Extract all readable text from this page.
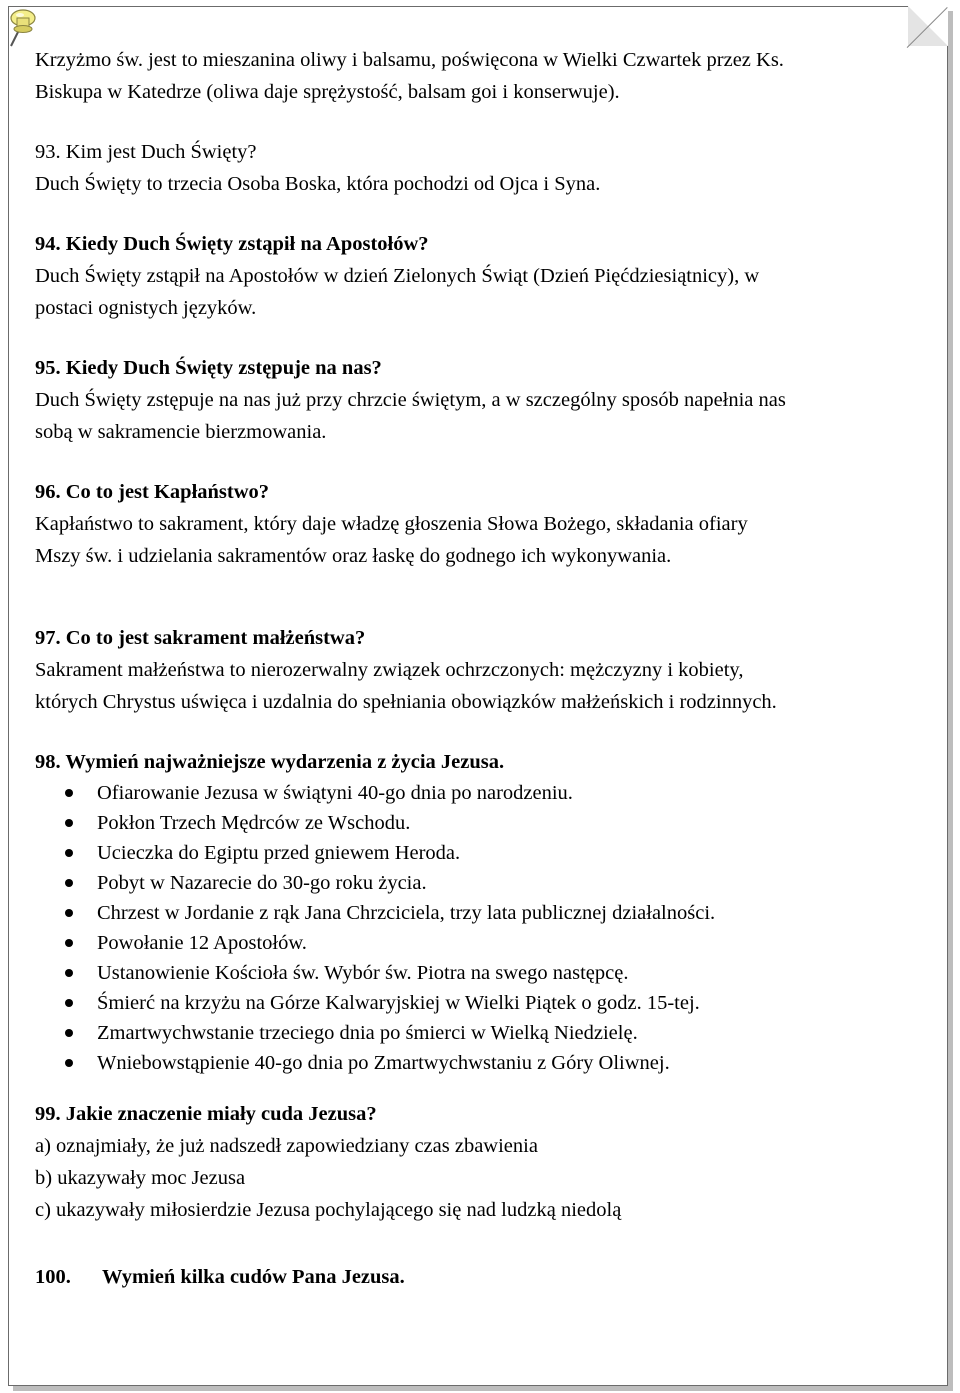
Krzyżmo św. jest to mieszanina oliwy i balsamu, poświęcona w Wielki Czwartek przez Ks.
Biskupa w Katedrze (oliwa daje sprężystość, balsam goi i konserwuje).
93. Kim jest Duch Święty?
Duch Święty to trzecia Osoba Boska, która pochodzi od Ojca i Syna.
94. Kiedy Duch Święty zstąpił na Apostołów?
Duch Święty zstąpił na Apostołów w dzień Zielonych Świąt (Dzień Pięćdziesiątnicy), w
postaci ognistych języków.
95. Kiedy Duch Święty zstępuje na nas?
Duch Święty zstępuje na nas już przy chrzcie świętym, a w szczególny sposób napełnia nas
sobą w sakramencie bierzmowania.
96. Co to jest Kapłaństwo?
Kapłaństwo to sakrament, który daje władzę głoszenia Słowa Bożego, składania ofiary
Mszy św. i udzielania sakramentów oraz łaskę do godnego ich wykonywania.
97. Co to jest sakrament małżeństwa?
Sakrament małżeństwa to nierozerwalny związek ochrzczonych: mężczyzny i kobiety,
których Chrystus uświęca i uzdalnia do spełniania obowiązków małżeńskich i rodzinnych.
98. Wymień najważniejsze wydarzenia z życia Jezusa.
Ofiarowanie Jezusa w świątyni 40-go dnia po narodzeniu.
Pokłon Trzech Mędrców ze Wschodu.
Ucieczka do Egiptu przed gniewem Heroda.
Pobyt w Nazarecie do 30-go roku życia.
Chrzest w Jordanie z rąk Jana Chrzciciela, trzy lata publicznej działalności.
Powołanie 12 Apostołów.
Ustanowienie Kościoła św. Wybór św. Piotra na swego następcę.
Śmierć na krzyżu na Górze Kalwaryjskiej w Wielki Piątek o godz. 15-tej.
Zmartwychwstanie trzeciego dnia po śmierci w Wielką Niedzielę.
Wniebowstąpienie 40-go dnia po Zmartwychwstaniu z Góry Oliwnej.
99. Jakie znaczenie miały cuda Jezusa?
a) oznajmiały, że już nadszedł zapowiedziany czas zbawienia
b) ukazywały moc Jezusa
c) ukazywały miłosierdzie Jezusa pochylającego się nad ludzką niedolą
100.	Wymień kilka cudów Pana Jezusa.
